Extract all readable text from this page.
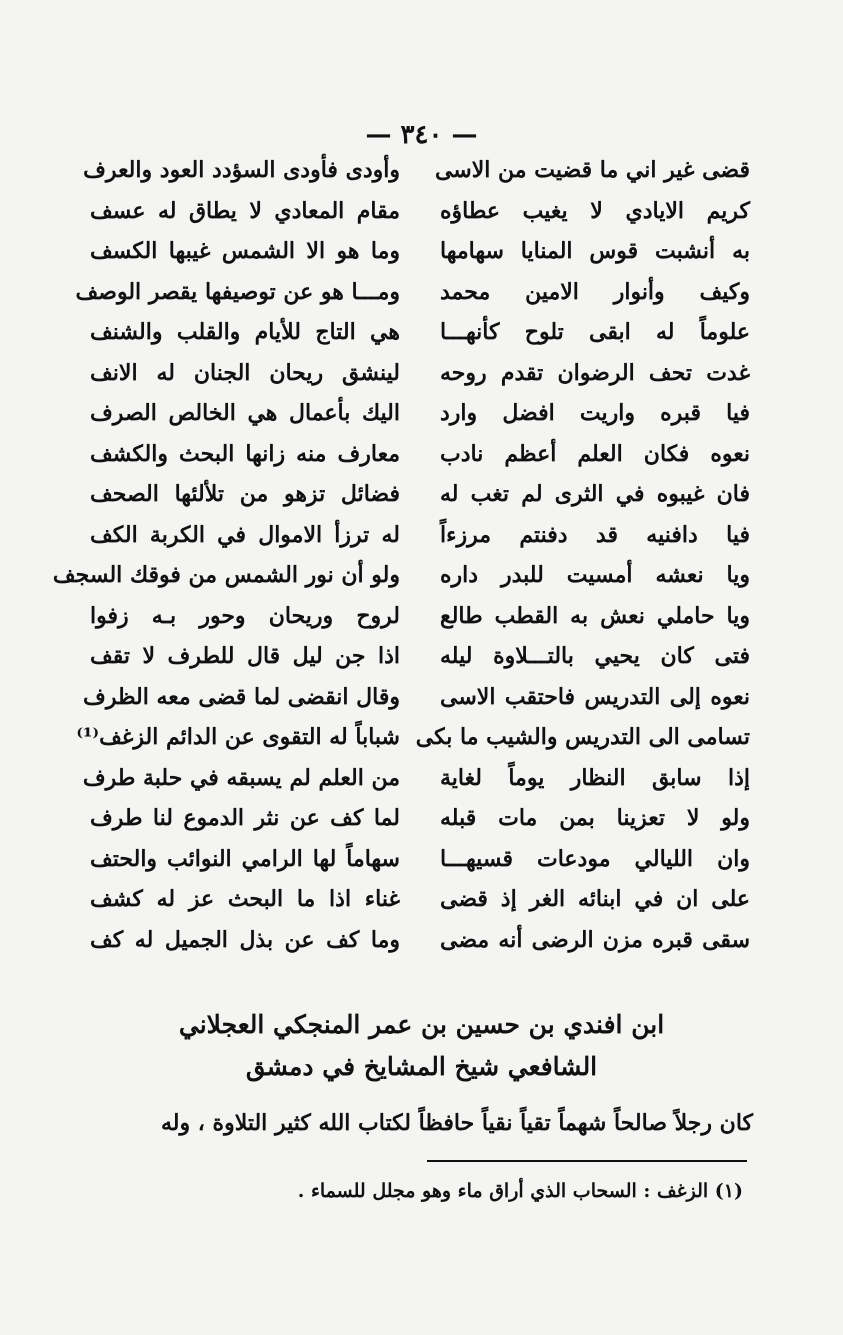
— ٣٤٠ —
قضى غير اني ما قضيت من الاسى
وأودى فأودى السؤدد العود والعرف
كريم الايادي لا يغيب عطاؤه
مقام المعادي لا يطاق له عسف
به أنشبت قوس المنايا سهامها
وما هو الا الشمس غيبها الكسف
وكيف وأنوار الامين محمد
ومـــا هو عن توصيفها يقصر الوصف
علوماً له ابقى تلوح كأنهـــا
هي التاج للأيام والقلب والشنف
غدت تحف الرضوان تقدم روحه
لينشق ريحان الجنان له الانف
فيا قبره واريت افضل وارد
اليك بأعمال هي الخالص الصرف
نعوه فكان العلم أعظم نادب
معارف منه زانها البحث والكشف
فان غيبوه في الثرى لم تغب له
فضائل تزهو من تلألئها الصحف
فيا دافنيه قد دفنتم مرزءاً
له ترزأ الاموال في الكربة الكف
ويا نعشه أمسيت للبدر داره
ولو أن نور الشمس من فوقك السجف
ويا حاملي نعش به القطب طالع
لروح وريحان وحور بـه زفوا
فتى كان يحيي بالتـــلاوة ليله
اذا جن ليل قال للطرف لا تقف
نعوه إلى التدريس فاحتقب الاسى
وقال انقضى لما قضى معه الظرف
تسامى الى التدريس والشيب ما بكى
شباباً له التقوى عن الدائم الزغف⁽¹⁾
إذا سابق النظار يوماً لغاية
من العلم لم يسبقه في حلبة طرف
ولو لا تعزينا بمن مات قبله
لما كف عن نثر الدموع لنا طرف
وان الليالي مودعات قسيهـــا
سهاماً لها الرامي النوائب والحتف
على ان في ابنائه الغر إذ قضى
غناء اذا ما البحث عز له كشف
سقى قبره مزن الرضى أنه مضى
وما كف عن بذل الجميل له كف
ابن افندي بن حسين بن عمر المنجكي العجلاني
الشافعي شيخ المشايخ في دمشق
كان رجلاً صالحاً شهماً تقياً نقياً حافظاً لكتاب الله كثير التلاوة ، وله
(١) الزغف : السحاب الذي أراق ماء وهو مجلل للسماء .
